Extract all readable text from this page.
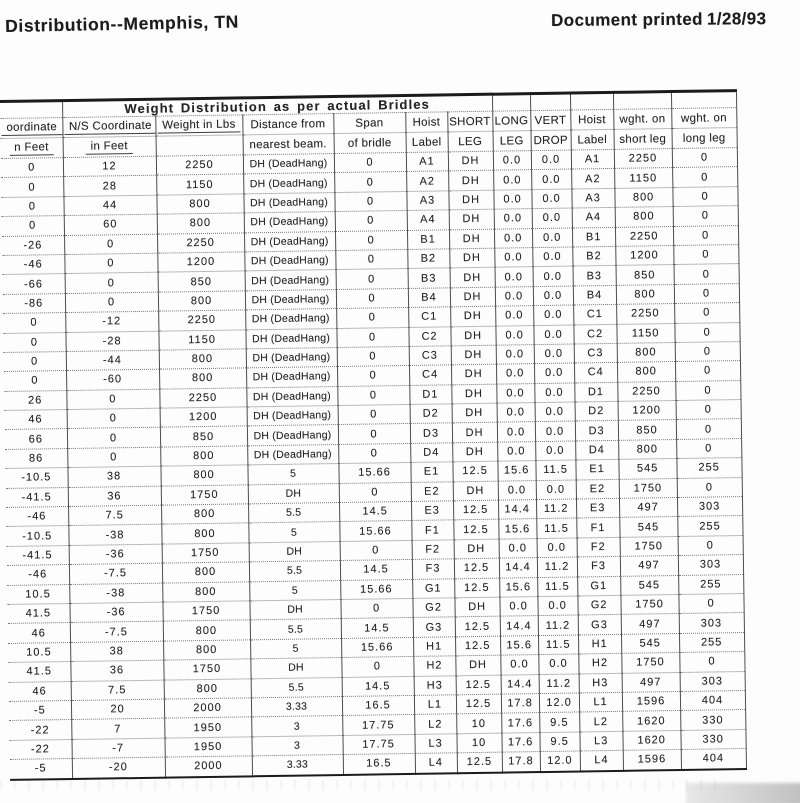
Distribution--Memphis, TN	Document printed 1/28/93
	Weight Distribution as per actual Bridles										
oordinate	N/S Coordinate	Weight in Lbs	Distance from	Span	Hoist	SHORT	LONG	VERT	Hoist	wght. on	wght. on
n Feet	in Feet		nearest beam.	of bridle	Label	LEG	LEG	DROP	Label	short leg	long leg
0	12	2250	DH (DeadHang)	0	A1	DH	0.0	0.0	A1	2250	0
0	28	1150	DH (DeadHang)	0	A2	DH	0.0	0.0	A2	1150	0
0	44	800	DH (DeadHang)	0	A3	DH	0.0	0.0	A3	800	0
0	60	800	DH (DeadHang)	0	A4	DH	0.0	0.0	A4	800	0
-26	0	2250	DH (DeadHang)	0	B1	DH	0.0	0.0	B1	2250	0
-46	0	1200	DH (DeadHang)	0	B2	DH	0.0	0.0	B2	1200	0
-66	0	850	DH (DeadHang)	0	B3	DH	0.0	0.0	B3	850	0
-86	0	800	DH (DeadHang)	0	B4	DH	0.0	0.0	B4	800	0
0	-12	2250	DH (DeadHang)	0	C1	DH	0.0	0.0	C1	2250	0
0	-28	1150	DH (DeadHang)	0	C2	DH	0.0	0.0	C2	1150	0
0	-44	800	DH (DeadHang)	0	C3	DH	0.0	0.0	C3	800	0
0	-60	800	DH (DeadHang)	0	C4	DH	0.0	0.0	C4	800	0
26	0	2250	DH (DeadHang)	0	D1	DH	0.0	0.0	D1	2250	0
46	0	1200	DH (DeadHang)	0	D2	DH	0.0	0.0	D2	1200	0
66	0	850	DH (DeadHang)	0	D3	DH	0.0	0.0	D3	850	0
86	0	800	DH (DeadHang)	0	D4	DH	0.0	0.0	D4	800	0
-10.5	38	800	5	15.66	E1	12.5	15.6	11.5	E1	545	255
-41.5	36	1750	DH	0	E2	DH	0.0	0.0	E2	1750	0
-46	7.5	800	5.5	14.5	E3	12.5	14.4	11.2	E3	497	303
-10.5	-38	800	5	15.66	F1	12.5	15.6	11.5	F1	545	255
-41.5	-36	1750	DH	0	F2	DH	0.0	0.0	F2	1750	0
-46	-7.5	800	5.5	14.5	F3	12.5	14.4	11.2	F3	497	303
10.5	-38	800	5	15.66	G1	12.5	15.6	11.5	G1	545	255
41.5	-36	1750	DH	0	G2	DH	0.0	0.0	G2	1750	0
46	-7.5	800	5.5	14.5	G3	12.5	14.4	11.2	G3	497	303
10.5	38	800	5	15.66	H1	12.5	15.6	11.5	H1	545	255
41.5	36	1750	DH	0	H2	DH	0.0	0.0	H2	1750	0
46	7.5	800	5.5	14.5	H3	12.5	14.4	11.2	H3	497	303
-5	20	2000	3.33	16.5	L1	12.5	17.8	12.0	L1	1596	404
-22	7	1950	3	17.75	L2	10	17.6	9.5	L2	1620	330
-22	-7	1950	3	17.75	L3	10	17.6	9.5	L3	1620	330
-5	-20	2000	3.33	16.5	L4	12.5	17.8	12.0	L4	1596	404
